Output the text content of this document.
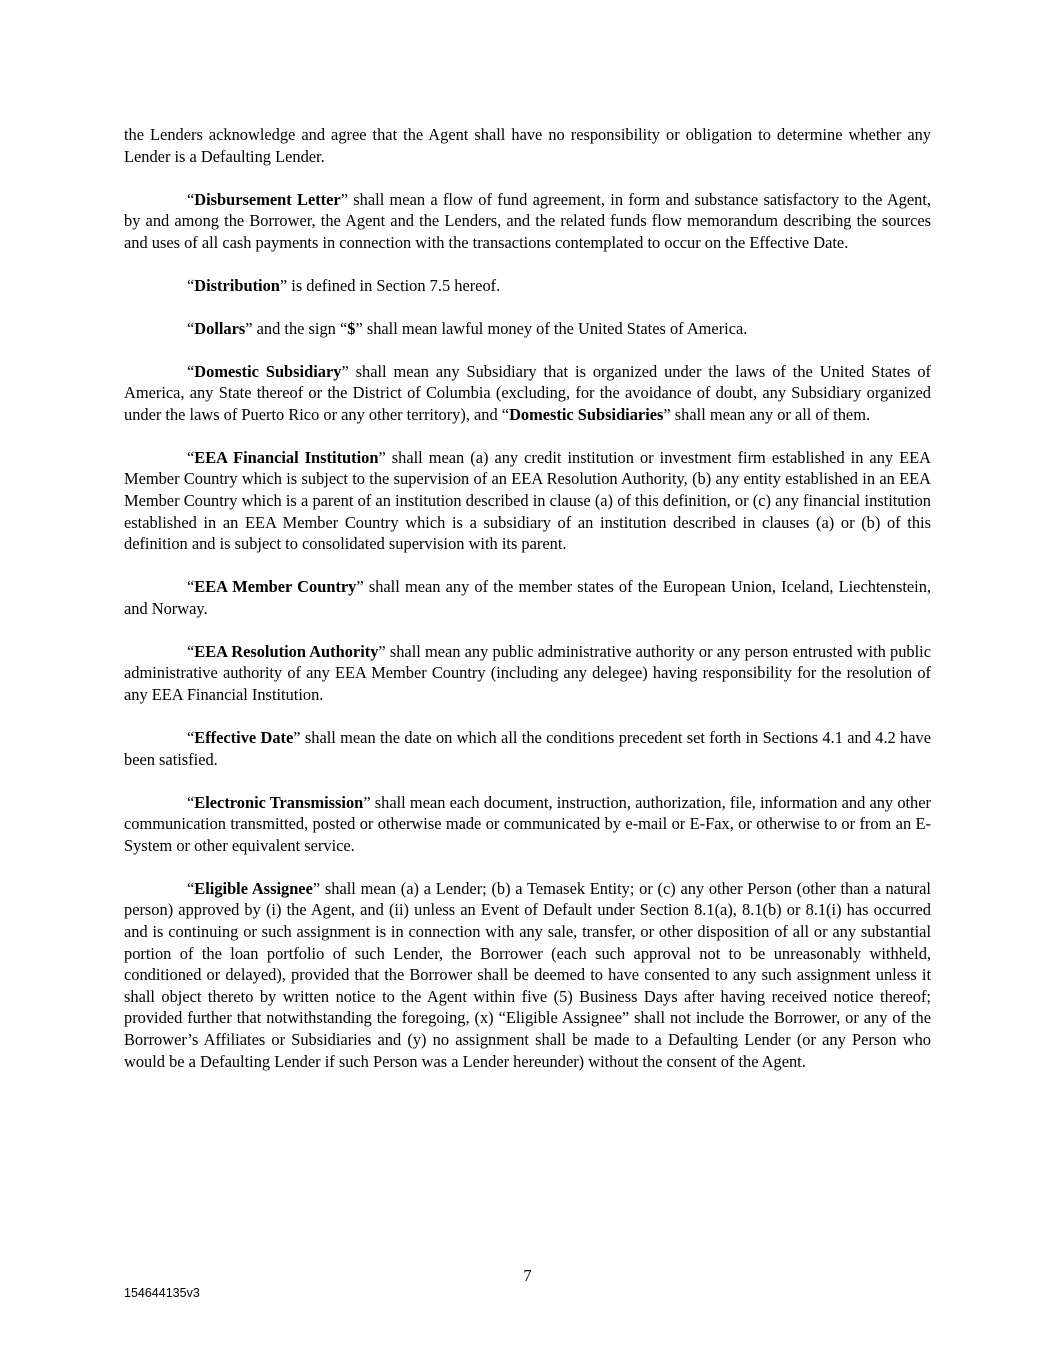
the Lenders acknowledge and agree that the Agent shall have no responsibility or obligation to determine whether any Lender is a Defaulting Lender.

“Disbursement Letter” shall mean a flow of fund agreement, in form and substance satisfactory to the Agent, by and among the Borrower, the Agent and the Lenders, and the related funds flow memorandum describing the sources and uses of all cash payments in connection with the transactions contemplated to occur on the Effective Date.

“Distribution” is defined in Section 7.5 hereof.

“Dollars” and the sign “$” shall mean lawful money of the United States of America.

“Domestic Subsidiary” shall mean any Subsidiary that is organized under the laws of the United States of America, any State thereof or the District of Columbia (excluding, for the avoidance of doubt, any Subsidiary organized under the laws of Puerto Rico or any other territory), and “Domestic Subsidiaries” shall mean any or all of them.

“EEA Financial Institution” shall mean (a) any credit institution or investment firm established in any EEA Member Country which is subject to the supervision of an EEA Resolution Authority, (b) any entity established in an EEA Member Country which is a parent of an institution described in clause (a) of this definition, or (c) any financial institution established in an EEA Member Country which is a subsidiary of an institution described in clauses (a) or (b) of this definition and is subject to consolidated supervision with its parent.

“EEA Member Country” shall mean any of the member states of the European Union, Iceland, Liechtenstein, and Norway.

“EEA Resolution Authority” shall mean any public administrative authority or any person entrusted with public administrative authority of any EEA Member Country (including any delegee) having responsibility for the resolution of any EEA Financial Institution.

“Effective Date” shall mean the date on which all the conditions precedent set forth in Sections 4.1 and 4.2 have been satisfied.

“Electronic Transmission” shall mean each document, instruction, authorization, file, information and any other communication transmitted, posted or otherwise made or communicated by e-mail or E-Fax, or otherwise to or from an E-System or other equivalent service.

“Eligible Assignee” shall mean (a) a Lender; (b) a Temasek Entity; or (c) any other Person (other than a natural person) approved by (i) the Agent, and (ii) unless an Event of Default under Section 8.1(a), 8.1(b) or 8.1(i) has occurred and is continuing or such assignment is in connection with any sale, transfer, or other disposition of all or any substantial portion of the loan portfolio of such Lender, the Borrower (each such approval not to be unreasonably withheld, conditioned or delayed), provided that the Borrower shall be deemed to have consented to any such assignment unless it shall object thereto by written notice to the Agent within five (5) Business Days after having received notice thereof; provided further that notwithstanding the foregoing, (x) “Eligible Assignee” shall not include the Borrower, or any of the Borrower’s Affiliates or Subsidiaries and (y) no assignment shall be made to a Defaulting Lender (or any Person who would be a Defaulting Lender if such Person was a Lender hereunder) without the consent of the Agent.

7
154644135v3
